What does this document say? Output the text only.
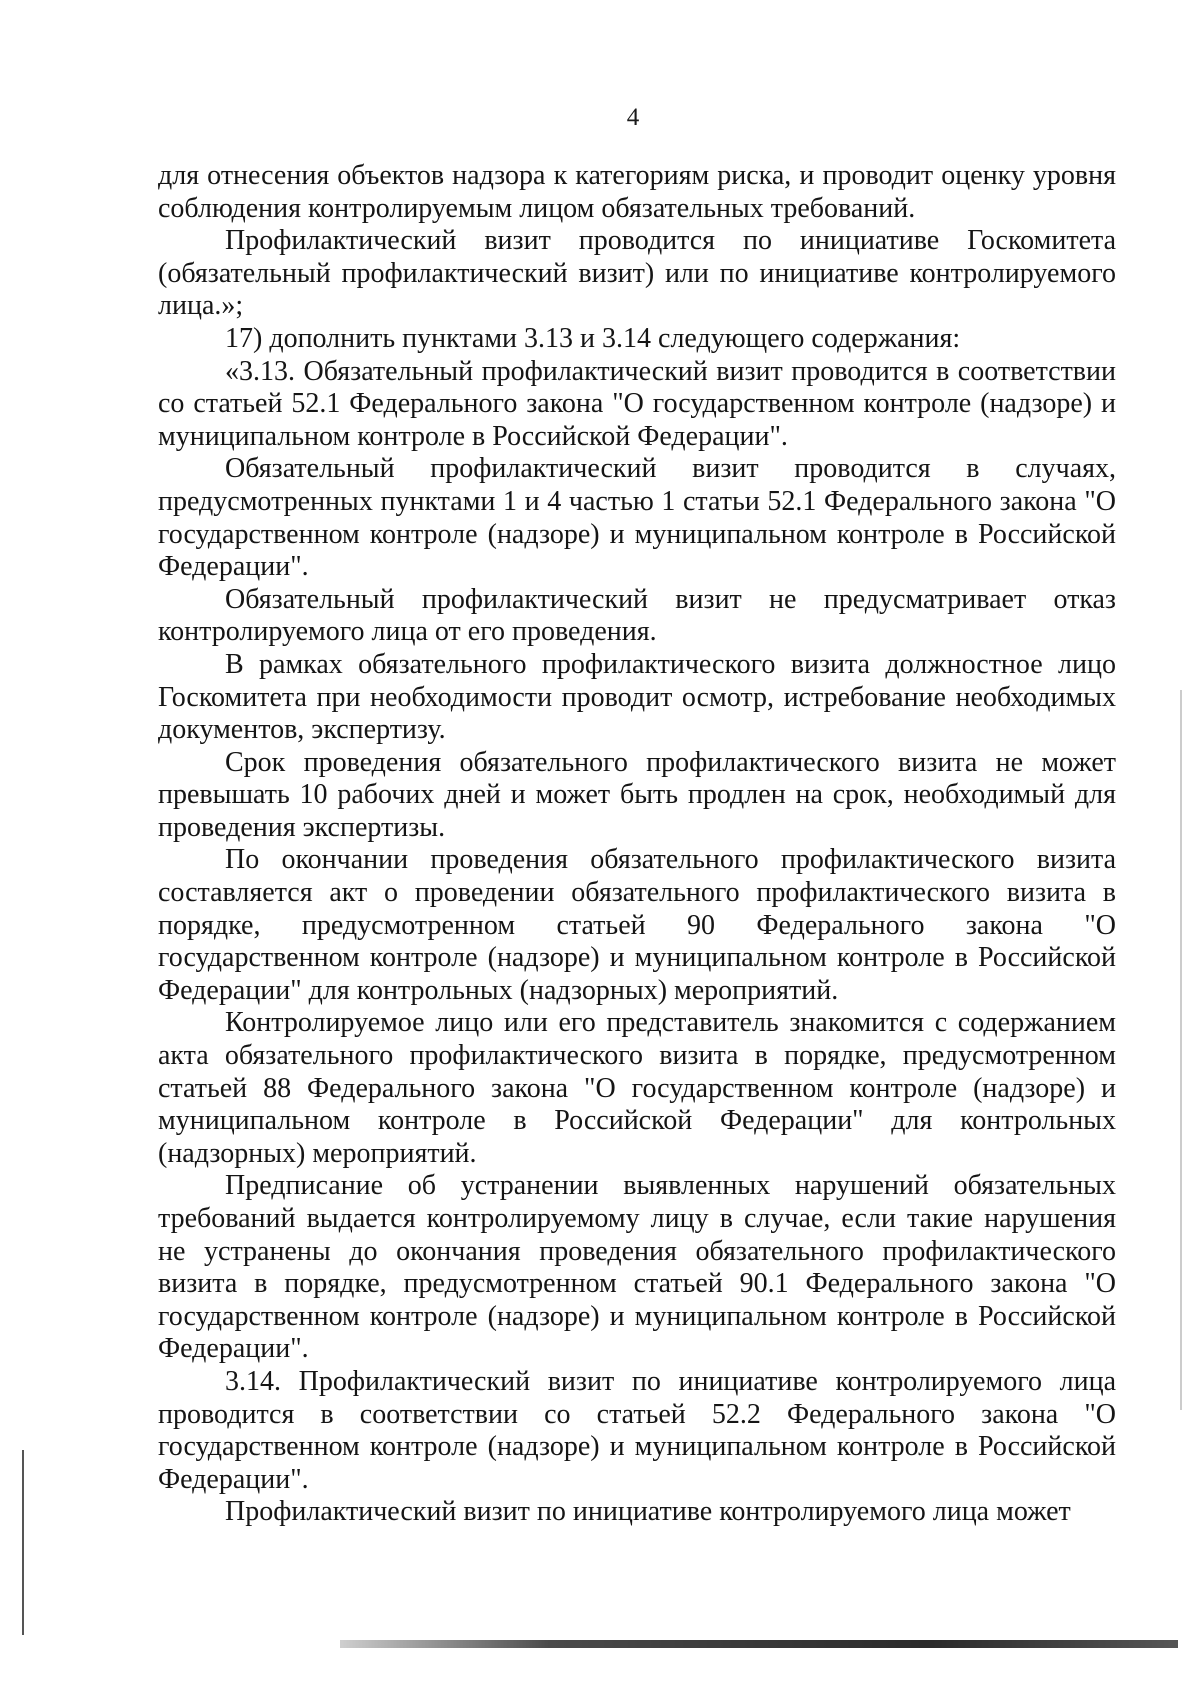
4

для отнесения объектов надзора к категориям риска, и проводит оценку уровня соблюдения контролируемым лицом обязательных требований.

Профилактический визит проводится по инициативе Госкомитета (обязательный профилактический визит) или по инициативе контролируемого лица.»;

17) дополнить пунктами 3.13 и 3.14 следующего содержания:

«3.13. Обязательный профилактический визит проводится в соответствии со статьей 52.1 Федерального закона "О государственном контроле (надзоре) и муниципальном контроле в Российской Федерации".

Обязательный профилактический визит проводится в случаях, предусмотренных пунктами 1 и 4 частью 1 статьи 52.1 Федерального закона "О государственном контроле (надзоре) и муниципальном контроле в Российской Федерации".

Обязательный профилактический визит не предусматривает отказ контролируемого лица от его проведения.

В рамках обязательного профилактического визита должностное лицо Госкомитета при необходимости проводит осмотр, истребование необходимых документов, экспертизу.

Срок проведения обязательного профилактического визита не может превышать 10 рабочих дней и может быть продлен на срок, необходимый для проведения экспертизы.

По окончании проведения обязательного профилактического визита составляется акт о проведении обязательного профилактического визита в порядке, предусмотренном статьей 90 Федерального закона "О государственном контроле (надзоре) и муниципальном контроле в Российской Федерации" для контрольных (надзорных) мероприятий.

Контролируемое лицо или его представитель знакомится с содержанием акта обязательного профилактического визита в порядке, предусмотренном статьей 88 Федерального закона "О государственном контроле (надзоре) и муниципальном контроле в Российской Федерации" для контрольных (надзорных) мероприятий.

Предписание об устранении выявленных нарушений обязательных требований выдается контролируемому лицу в случае, если такие нарушения не устранены до окончания проведения обязательного профилактического визита в порядке, предусмотренном статьей 90.1 Федерального закона "О государственном контроле (надзоре) и муниципальном контроле в Российской Федерации".

3.14. Профилактический визит по инициативе контролируемого лица проводится в соответствии со статьей 52.2 Федерального закона "О государственном контроле (надзоре) и муниципальном контроле в Российской Федерации".

Профилактический визит по инициативе контролируемого лица может
